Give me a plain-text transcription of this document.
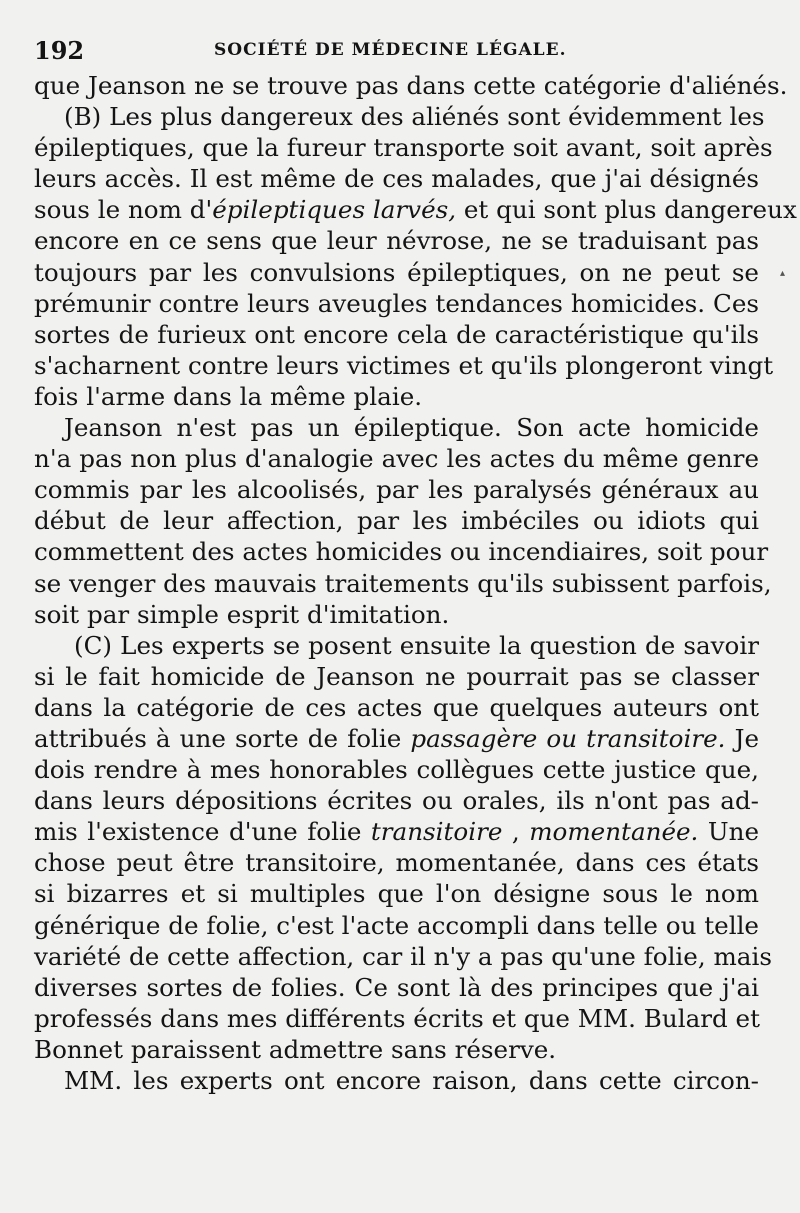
192	SOCIÉTÉ DE MÉDECINE LÉGALE.
que Jeanson ne se trouve pas dans cette catégorie d'aliénés.
(B) Les plus dangereux des aliénés sont évidemment les
épileptiques, que la fureur transporte soit avant, soit après
leurs accès. Il est même de ces malades, que j'ai désignés
sous le nom d'épileptiques larvés, et qui sont plus dangereux
encore en ce sens que leur névrose, ne se traduisant pas
toujours par les convulsions épileptiques, on ne peut se
prémunir contre leurs aveugles tendances homicides. Ces
sortes de furieux ont encore cela de caractéristique qu'ils
s'acharnent contre leurs victimes et qu'ils plongeront vingt
fois l'arme dans la même plaie.
Jeanson n'est pas un épileptique. Son acte homicide
n'a pas non plus d'analogie avec les actes du même genre
commis par les alcoolisés, par les paralysés généraux au
début de leur affection, par les imbéciles ou idiots qui
commettent des actes homicides ou incendiaires, soit pour
se venger des mauvais traitements qu'ils subissent parfois,
soit par simple esprit d'imitation.
(C) Les experts se posent ensuite la question de savoir
si le fait homicide de Jeanson ne pourrait pas se classer
dans la catégorie de ces actes que quelques auteurs ont
attribués à une sorte de folie passagère ou transitoire. Je
dois rendre à mes honorables collègues cette justice que,
dans leurs dépositions écrites ou orales, ils n'ont pas ad-
mis l'existence d'une folie transitoire , momentanée. Une
chose peut être transitoire, momentanée, dans ces états
si bizarres et si multiples que l'on désigne sous le nom
générique de folie, c'est l'acte accompli dans telle ou telle
variété de cette affection, car il n'y a pas qu'une folie, mais
diverses sortes de folies. Ce sont là des principes que j'ai
professés dans mes différents écrits et que MM. Bulard et
Bonnet paraissent admettre sans réserve.
MM. les experts ont encore raison, dans cette circon-
▴
